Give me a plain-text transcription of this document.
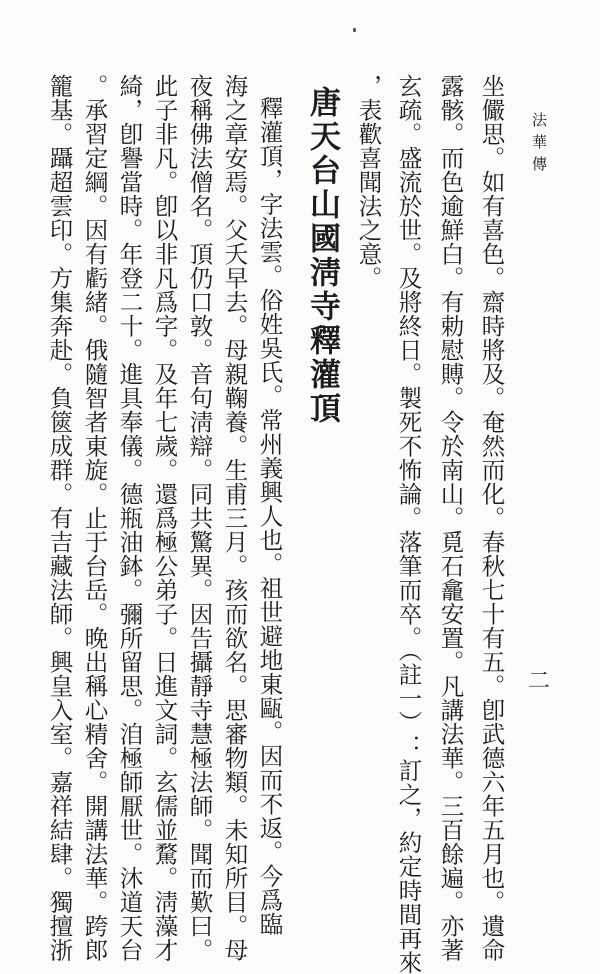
法華傳
坐儼思。如有喜色。齋時將及。奄然而化。春秋七十有五。卽武德六年五月也。遺命
露骸。而色逾鮮白。有勅慰賻。令於南山。覓石龕安置。凡講法華。三百餘遍。亦著
玄疏。盛流於世。及將終日。製死不怖論。落筆而卒。（註一）：訂之，約定時間再來
，表歡喜聞法之意。
唐天台山國淸寺釋灌頂
釋灌頂，字法雲。俗姓吳氏。常州義興人也。祖世避地東甌。因而不返。今爲臨
海之章安焉。父夭早去。母親鞠養。生甫三月。孩而欲名。思審物類。未知所目。母
夜稱佛法僧名。頂仍口敦。音句淸辯。同共驚異。因告攝靜寺慧極法師。聞而歎曰。
此子非凡。卽以非凡爲字。及年七歲。還爲極公弟子。日進文詞。玄儒並騖。淸藻才
綺，卽譽當時。年登二十。進具奉儀。德瓶油鉢。彌所留思。洎極師厭世。沐道天台
。承習定綱。因有虧緒。俄隨智者東旋。止于台岳。晚出稱心精舍。開講法華。跨郎
籠基。躡超雲印。方集奔赴。負篋成群。有吉藏法師。興皇入室。嘉祥結肆。獨擅浙	二
